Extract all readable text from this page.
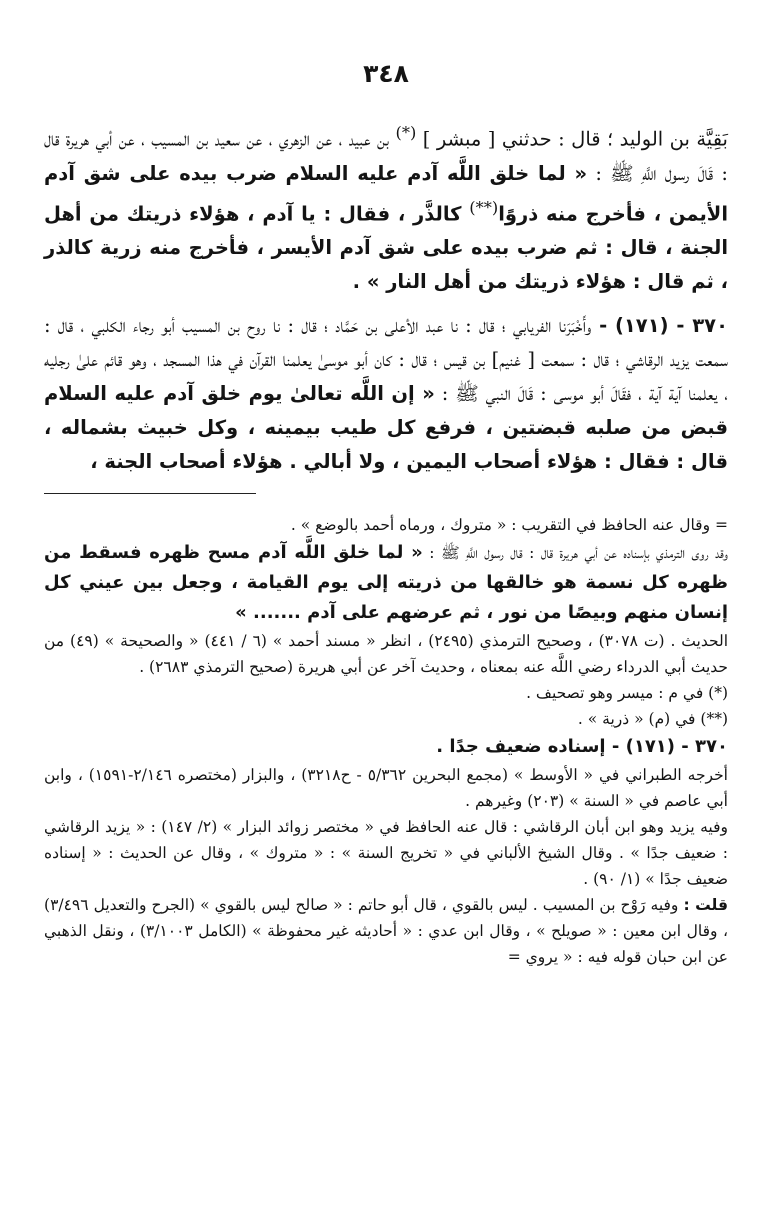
٣٤٨

بَقِيَّة بن الوليد ؛ قال : حدثني [ مبشر ] (*) بن عبيد ، عن الزهري ، عن سعيد بن المسيب ، عن أبي هريرة قال : قَالَ رسول اللَّهِ ﷺ : « لما خلق اللَّه آدم عليه السلام ضرب بيده على شق آدم الأيمن ، فأخرج منه ذروًا(**) كالذَّر ، فقال : يا آدم ، هؤلاء ذريتك من أهل الجنة ، قال : ثم ضرب بيده على شق آدم الأيسر ، فأخرج منه زرية كالذر ، ثم قال : هؤلاء ذريتك من أهل النار » .

٣٧٠ - (١٧١) - وأَخْبَرَنا الفريابي ؛ قال : نا عبد الأعلى بن حَمَّاد ؛ قال : نا روح بن المسيب أبو رجاء الكلبي ، قال : سمعت يزيد الرقاشي ؛ قال : سمعت [ غنيم] بن قيس ؛ قال : كان أبو موسىٰ يعلمنا القرآن في هذا المسجد ، وهو قائم علىٰ رجليه ، يعلمنا آية آية ، فقَالَ أبو موسى : قَالَ النبي ﷺ : « إن اللَّه تعالىٰ يوم خلق آدم عليه السلام قبض من صلبه قبضتين ، فرفع كل طيب بيمينه ، وكل خبيث بشماله ، قال : فقال : هؤلاء أصحاب اليمين ، ولا أبالي . هؤلاء أصحاب الجنة ،

= وقال عنه الحافظ في التقريب : « متروك ، ورماه أحمد بالوضع » .

وقد روى الترمذي بإسناده عن أبي هريرة قال : قال رسول اللَّهِ ﷺ : « لما خلق اللَّه آدم مسح ظهره فسقط من ظهره كل نسمة هو خالقها من ذريته إلى يوم القيامة ، وجعل بين عيني كل إنسان منهم وبيصًا من نور ، ثم عرضهم على آدم ....... »

الحديث . (ت ٣٠٧٨) ، وصحيح الترمذي (٢٤٩٥) ، انظر « مسند أحمد » (٦ / ٤٤١) « والصحيحة » (٤٩) من حديث أبي الدرداء رضي اللَّه عنه بمعناه ، وحديث آخر عن أبي هريرة (صحيح الترمذي ٢٦٨٣) .

(*) في م : ميسر وهو تصحيف .

(**) في (م) « ذرية » .

٣٧٠ - (١٧١) - إسناده ضعيف جدًا .

أخرجه الطبراني في « الأوسط » (مجمع البحرين ٥/٣٦٢ - ح٣٢١٨) ، والبزار (مختصره ٢/١٤٦-١٥٩١) ، وابن أبي عاصم في « السنة » (٢٠٣) وغيرهم .

وفيه يزيد وهو ابن أبان الرقاشي : قال عنه الحافظ في « مختصر زوائد البزار » (٢/ ١٤٧) : « يزيد الرقاشي : ضعيف جدًا » . وقال الشيخ الألباني في « تخريج السنة » : « متروك » ، وقال عن الحديث : « إسناده ضعيف جدًا » (١/ ٩٠) .

قلت : وفيه رَوْح بن المسيب . ليس بالقوي ، قال أبو حاتم : « صالح ليس بالقوي » (الجرح والتعديل ٣/٤٩٦) ، وقال ابن معين : « صويلح » ، وقال ابن عدي : « أحاديثه غير محفوظة » (الكامل ٣/١٠٠٣) ، ونقل الذهبي عن ابن حبان قوله فيه : « يروي =
